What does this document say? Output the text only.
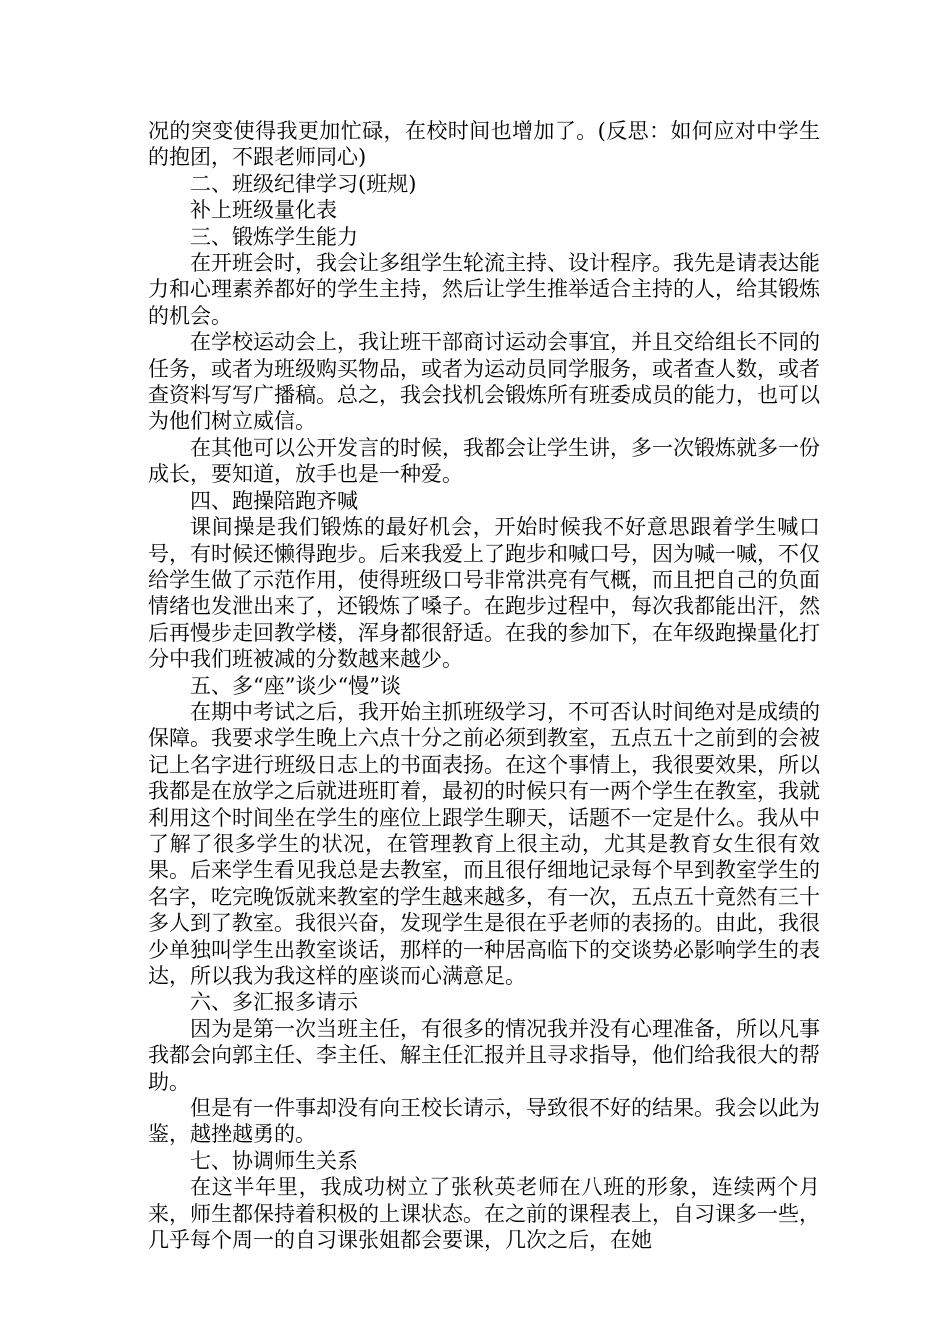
况的突变使得我更加忙碌，在校时间也增加了。(反思：如何应对中学生的抱团，不跟老师同心)

二、班级纪律学习(班规)

补上班级量化表

三、锻炼学生能力

在开班会时，我会让多组学生轮流主持、设计程序。我先是请表达能力和心理素养都好的学生主持，然后让学生推举适合主持的人，给其锻炼的机会。

在学校运动会上，我让班干部商讨运动会事宜，并且交给组长不同的任务，或者为班级购买物品，或者为运动员同学服务，或者查人数，或者查资料写写广播稿。总之，我会找机会锻炼所有班委成员的能力，也可以为他们树立威信。

在其他可以公开发言的时候，我都会让学生讲，多一次锻炼就多一份成长，要知道，放手也是一种爱。

四、跑操陪跑齐喊

课间操是我们锻炼的最好机会，开始时候我不好意思跟着学生喊口号，有时候还懒得跑步。后来我爱上了跑步和喊口号，因为喊一喊，不仅给学生做了示范作用，使得班级口号非常洪亮有气概，而且把自己的负面情绪也发泄出来了，还锻炼了嗓子。在跑步过程中，每次我都能出汗，然后再慢步走回教学楼，浑身都很舒适。在我的参加下，在年级跑操量化打分中我们班被减的分数越来越少。

五、多“座”谈少“慢”谈

在期中考试之后，我开始主抓班级学习，不可否认时间绝对是成绩的保障。我要求学生晚上六点十分之前必须到教室，五点五十之前到的会被记上名字进行班级日志上的书面表扬。在这个事情上，我很要效果，所以我都是在放学之后就进班盯着，最初的时候只有一两个学生在教室，我就利用这个时间坐在学生的座位上跟学生聊天，话题不一定是什么。我从中了解了很多学生的状况，在管理教育上很主动，尤其是教育女生很有效果。后来学生看见我总是去教室，而且很仔细地记录每个早到教室学生的名字，吃完晚饭就来教室的学生越来越多，有一次，五点五十竟然有三十多人到了教室。我很兴奋，发现学生是很在乎老师的表扬的。由此，我很少单独叫学生出教室谈话，那样的一种居高临下的交谈势必影响学生的表达，所以我为我这样的座谈而心满意足。

六、多汇报多请示

因为是第一次当班主任，有很多的情况我并没有心理准备，所以凡事我都会向郭主任、李主任、解主任汇报并且寻求指导，他们给我很大的帮助。

但是有一件事却没有向王校长请示，导致很不好的结果。我会以此为鉴，越挫越勇的。

七、协调师生关系

在这半年里，我成功树立了张秋英老师在八班的形象，连续两个月来，师生都保持着积极的上课状态。在之前的课程表上，自习课多一些，几乎每个周一的自习课张姐都会要课，几次之后，在她
